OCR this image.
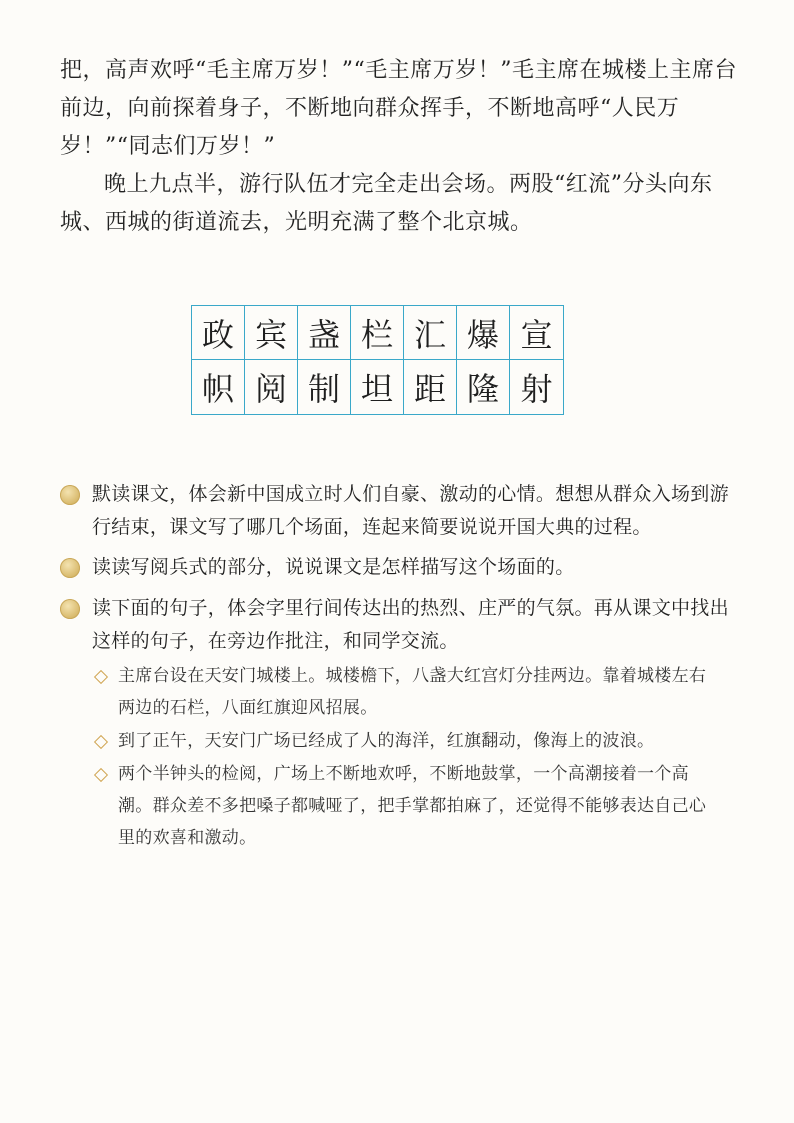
把，高声欢呼“毛主席万岁！”“毛主席万岁！”毛主席在城楼上主席台前边，向前探着身子，不断地向群众挥手，不断地高呼“人民万岁！”“同志们万岁！”

晚上九点半，游行队伍才完全走出会场。两股“红流”分头向东城、西城的街道流去，光明充满了整个北京城。

政 宾 盏 栏 汇 爆 宣
帜 阅 制 坦 距 隆 射

默读课文，体会新中国成立时人们自豪、激动的心情。想想从群众入场到游行结束，课文写了哪几个场面，连起来简要说说开国大典的过程。

读读写阅兵式的部分，说说课文是怎样描写这个场面的。

读下面的句子，体会字里行间传达出的热烈、庄严的气氛。再从课文中找出这样的句子，在旁边作批注，和同学交流。

主席台设在天安门城楼上。城楼檐下，八盏大红宫灯分挂两边。靠着城楼左右两边的石栏，八面红旗迎风招展。

到了正午，天安门广场已经成了人的海洋，红旗翻动，像海上的波浪。

两个半钟头的检阅，广场上不断地欢呼，不断地鼓掌，一个高潮接着一个高潮。群众差不多把嗓子都喊哑了，把手掌都拍麻了，还觉得不能够表达自己心里的欢喜和激动。
